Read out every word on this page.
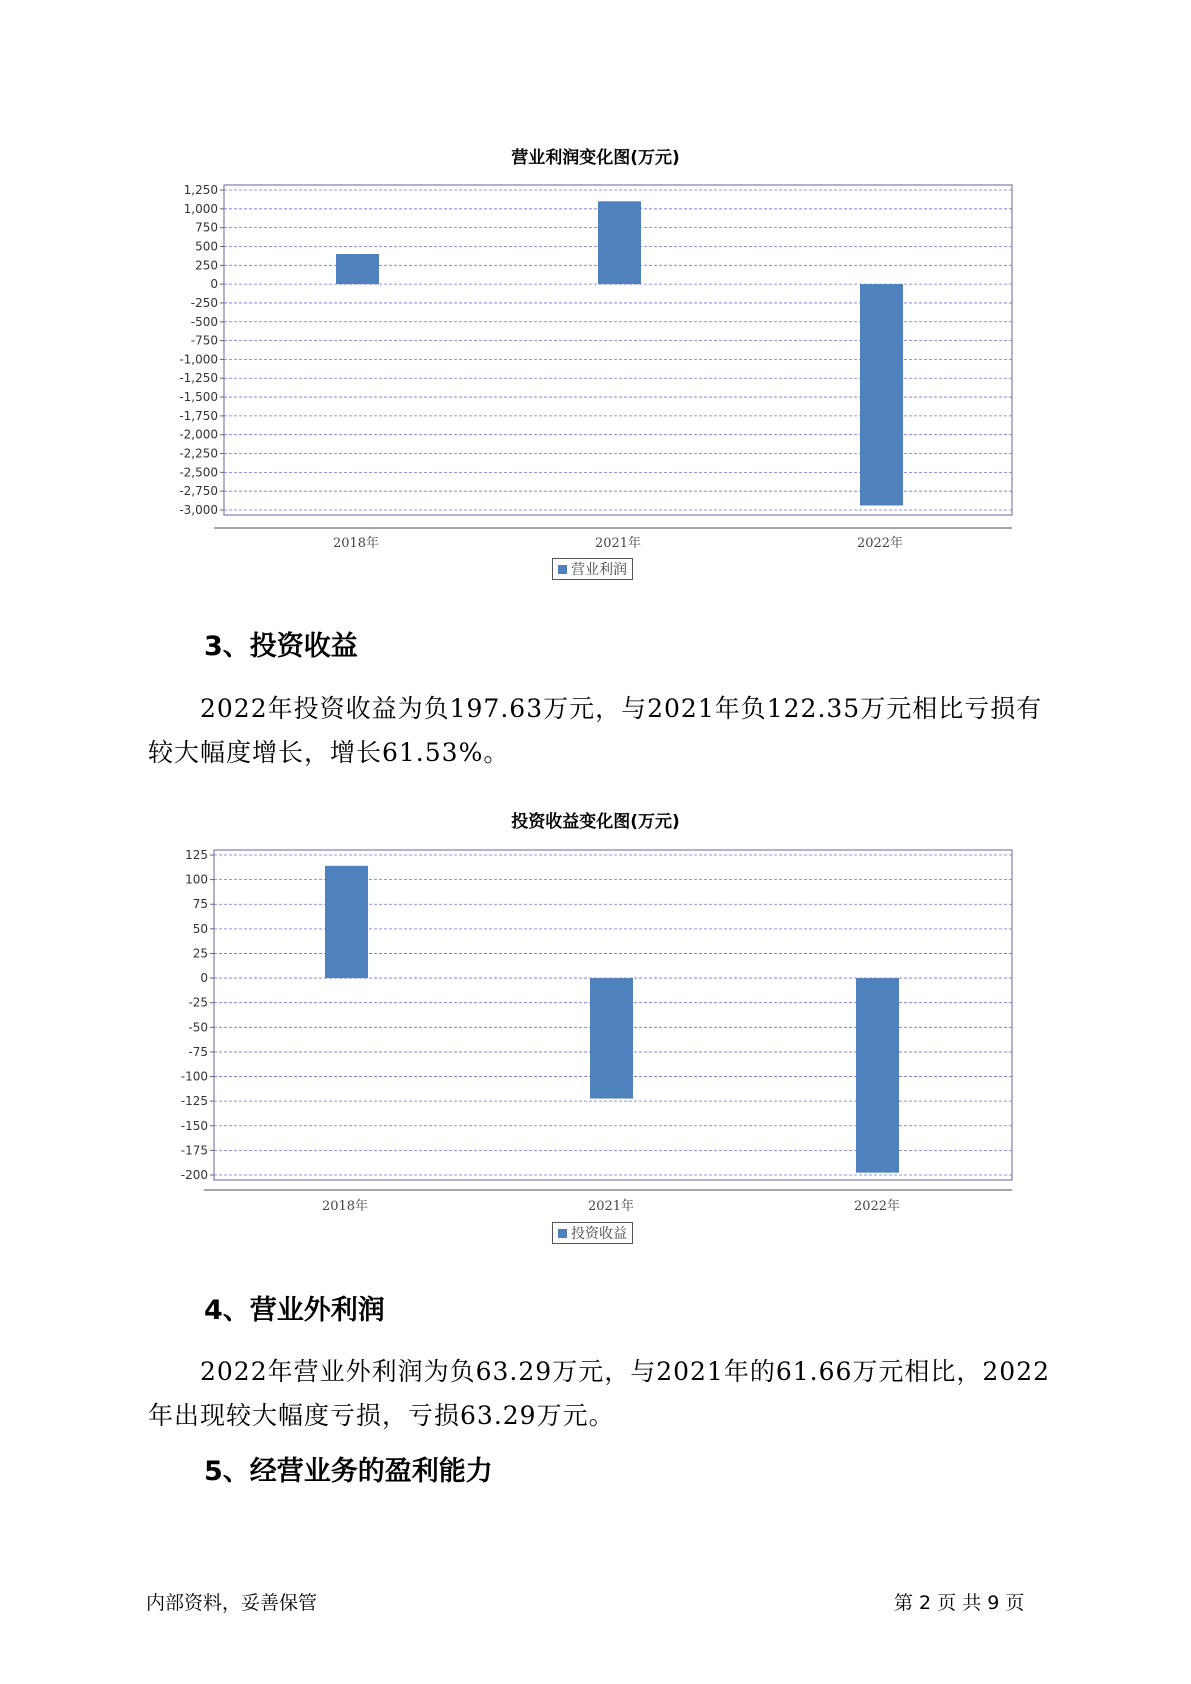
营业利润变化图(万元)
1,250
1,000
750
500
250
0
-250
-500
-750
-1,000
-1,250
-1,500
-1,750
-2,000
-2,250
-2,500
-2,750
-3,000
2018年	2021年	2022年
营业利润
3、投资收益
2022年投资收益为负197.63万元，与2021年负122.35万元相比亏损有
较大幅度增长，增长61.53%。
投资收益变化图(万元)
125
100
75
50
25
0
-25
-50
-75
-100
-125
-150
-175
-200
2018年	2021年	2022年
投资收益
4、营业外利润
2022年营业外利润为负63.29万元，与2021年的61.66万元相比，2022
年出现较大幅度亏损，亏损63.29万元。
5、经营业务的盈利能力
内部资料，妥善保管	第 2 页 共 9 页
